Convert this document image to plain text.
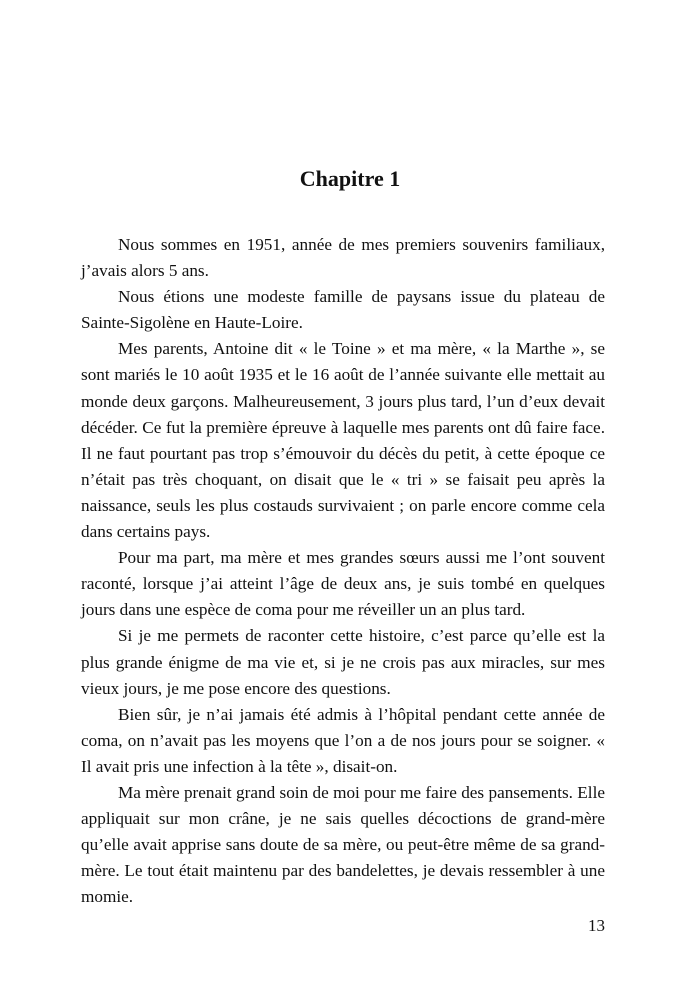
Chapitre 1

Nous sommes en 1951, année de mes premiers souvenirs familiaux, j’avais alors 5 ans.

Nous étions une modeste famille de paysans issue du plateau de Sainte-Sigolène en Haute-Loire.

Mes parents, Antoine dit « le Toine » et ma mère, « la Marthe », se sont mariés le 10 août 1935 et le 16 août de l’année suivante elle mettait au monde deux garçons. Malheureusement, 3 jours plus tard, l’un d’eux devait décéder. Ce fut la première épreuve à laquelle mes parents ont dû faire face. Il ne faut pourtant pas trop s’émouvoir du décès du petit, à cette époque ce n’était pas très choquant, on disait que le « tri » se faisait peu après la naissance, seuls les plus costauds survivaient ; on parle encore comme cela dans certains pays.

Pour ma part, ma mère et mes grandes sœurs aussi me l’ont souvent raconté, lorsque j’ai atteint l’âge de deux ans, je suis tombé en quelques jours dans une espèce de coma pour me réveiller un an plus tard.

Si je me permets de raconter cette histoire, c’est parce qu’elle est la plus grande énigme de ma vie et, si je ne crois pas aux miracles, sur mes vieux jours, je me pose encore des questions.

Bien sûr, je n’ai jamais été admis à l’hôpital pendant cette année de coma, on n’avait pas les moyens que l’on a de nos jours pour se soigner. « Il avait pris une infection à la tête », disait-on.

Ma mère prenait grand soin de moi pour me faire des pansements. Elle appliquait sur mon crâne, je ne sais quelles décoctions de grand-mère qu’elle avait apprise sans doute de sa mère, ou peut-être même de sa grand-mère. Le tout était maintenu par des bandelettes, je devais ressembler à une momie.

13
